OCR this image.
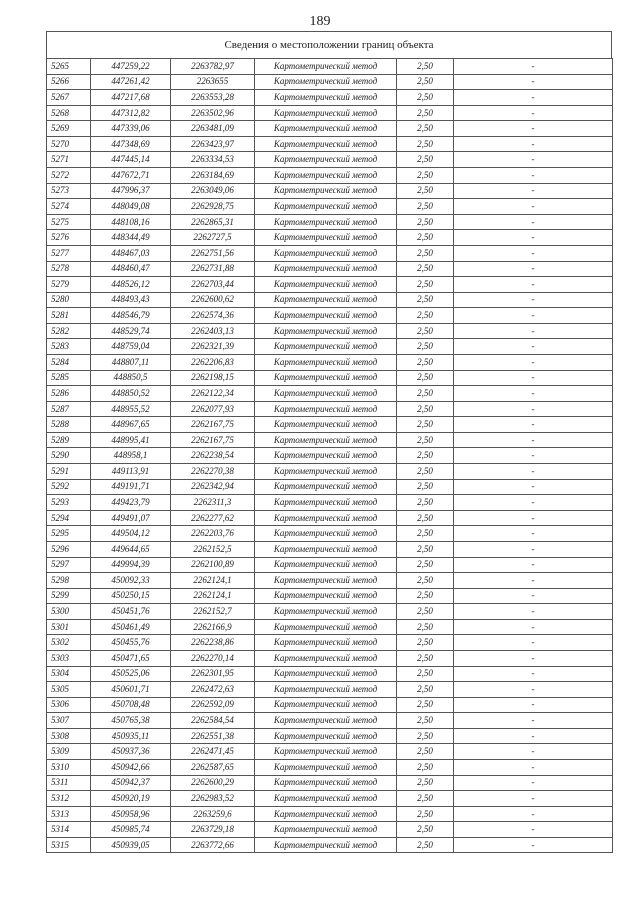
189
Сведения о местоположении границ объекта
5265	447259,22	2263782,97	Картометрический метод	2,50	-
5266	447261,42	2263655	Картометрический метод	2,50	-
5267	447217,68	2263553,28	Картометрический метод	2,50	-
5268	447312,82	2263502,96	Картометрический метод	2,50	-
5269	447339,06	2263481,09	Картометрический метод	2,50	-
5270	447348,69	2263423,97	Картометрический метод	2,50	-
5271	447445,14	2263334,53	Картометрический метод	2,50	-
5272	447672,71	2263184,69	Картометрический метод	2,50	-
5273	447996,37	2263049,06	Картометрический метод	2,50	-
5274	448049,08	2262928,75	Картометрический метод	2,50	-
5275	448108,16	2262865,31	Картометрический метод	2,50	-
5276	448344,49	2262727,5	Картометрический метод	2,50	-
5277	448467,03	2262751,56	Картометрический метод	2,50	-
5278	448460,47	2262731,88	Картометрический метод	2,50	-
5279	448526,12	2262703,44	Картометрический метод	2,50	-
5280	448493,43	2262600,62	Картометрический метод	2,50	-
5281	448546,79	2262574,36	Картометрический метод	2,50	-
5282	448529,74	2262403,13	Картометрический метод	2,50	-
5283	448759,04	2262321,39	Картометрический метод	2,50	-
5284	448807,11	2262206,83	Картометрический метод	2,50	-
5285	448850,5	2262198,15	Картометрический метод	2,50	-
5286	448850,52	2262122,34	Картометрический метод	2,50	-
5287	448955,52	2262077,93	Картометрический метод	2,50	-
5288	448967,65	2262167,75	Картометрический метод	2,50	-
5289	448995,41	2262167,75	Картометрический метод	2,50	-
5290	448958,1	2262238,54	Картометрический метод	2,50	-
5291	449113,91	2262270,38	Картометрический метод	2,50	-
5292	449191,71	2262342,94	Картометрический метод	2,50	-
5293	449423,79	2262311,3	Картометрический метод	2,50	-
5294	449491,07	2262277,62	Картометрический метод	2,50	-
5295	449504,12	2262203,76	Картометрический метод	2,50	-
5296	449644,65	2262152,5	Картометрический метод	2,50	-
5297	449994,39	2262100,89	Картометрический метод	2,50	-
5298	450092,33	2262124,1	Картометрический метод	2,50	-
5299	450250,15	2262124,1	Картометрический метод	2,50	-
5300	450451,76	2262152,7	Картометрический метод	2,50	-
5301	450461,49	2262166,9	Картометрический метод	2,50	-
5302	450455,76	2262238,86	Картометрический метод	2,50	-
5303	450471,65	2262270,14	Картометрический метод	2,50	-
5304	450525,06	2262301,95	Картометрический метод	2,50	-
5305	450601,71	2262472,63	Картометрический метод	2,50	-
5306	450708,48	2262592,09	Картометрический метод	2,50	-
5307	450765,38	2262584,54	Картометрический метод	2,50	-
5308	450935,11	2262551,38	Картометрический метод	2,50	-
5309	450937,36	2262471,45	Картометрический метод	2,50	-
5310	450942,66	2262587,65	Картометрический метод	2,50	-
5311	450942,37	2262600,29	Картометрический метод	2,50	-
5312	450920,19	2262983,52	Картометрический метод	2,50	-
5313	450958,96	2263259,6	Картометрический метод	2,50	-
5314	450985,74	2263729,18	Картометрический метод	2,50	-
5315	450939,05	2263772,66	Картометрический метод	2,50	-
